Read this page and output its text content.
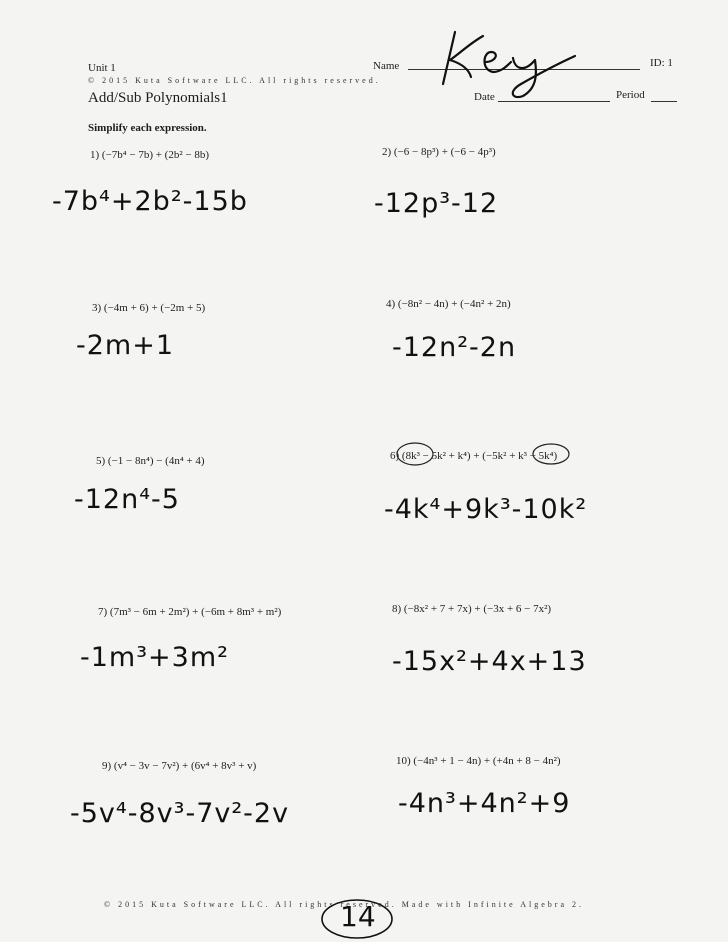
Unit 1
© 2015 Kuta Software LLC. All rights reserved.
Add/Sub Polynomials1
Name	ID: 1
Date	Period
Simplify each expression.
1) (−7b⁴ − 7b) + (2b² − 8b)
-7b⁴+2b²-15b
2) (−6 − 8p³) + (−6 − 4p³)
-12p³-12
3) (−4m + 6) + (−2m + 5)
-2m+1
4) (−8n² − 4n) + (−4n² + 2n)
-12n²-2n
5) (−1 − 8n⁴) − (4n⁴ + 4)
-12n⁴-5
6) (8k³ − 5k² + k⁴) + (−5k² + k³ − 5k⁴)
-4k⁴+9k³-10k²
7) (7m³ − 6m + 2m²) + (−6m + 8m³ + m²)
-1m³+3m²
8) (−8x² + 7 + 7x) + (−3x + 6 − 7x²)
-15x²+4x+13
9) (v⁴ − 3v − 7v²) + (6v⁴ + 8v³ + v)
-5v⁴-8v³-7v²-2v
10) (−4n³ + 1 − 4n) + (+4n + 8 − 4n²)
-4n³+4n²+9
© 2015 Kuta Software LLC. All rights reserved. Made with Infinite Algebra 2.
14
